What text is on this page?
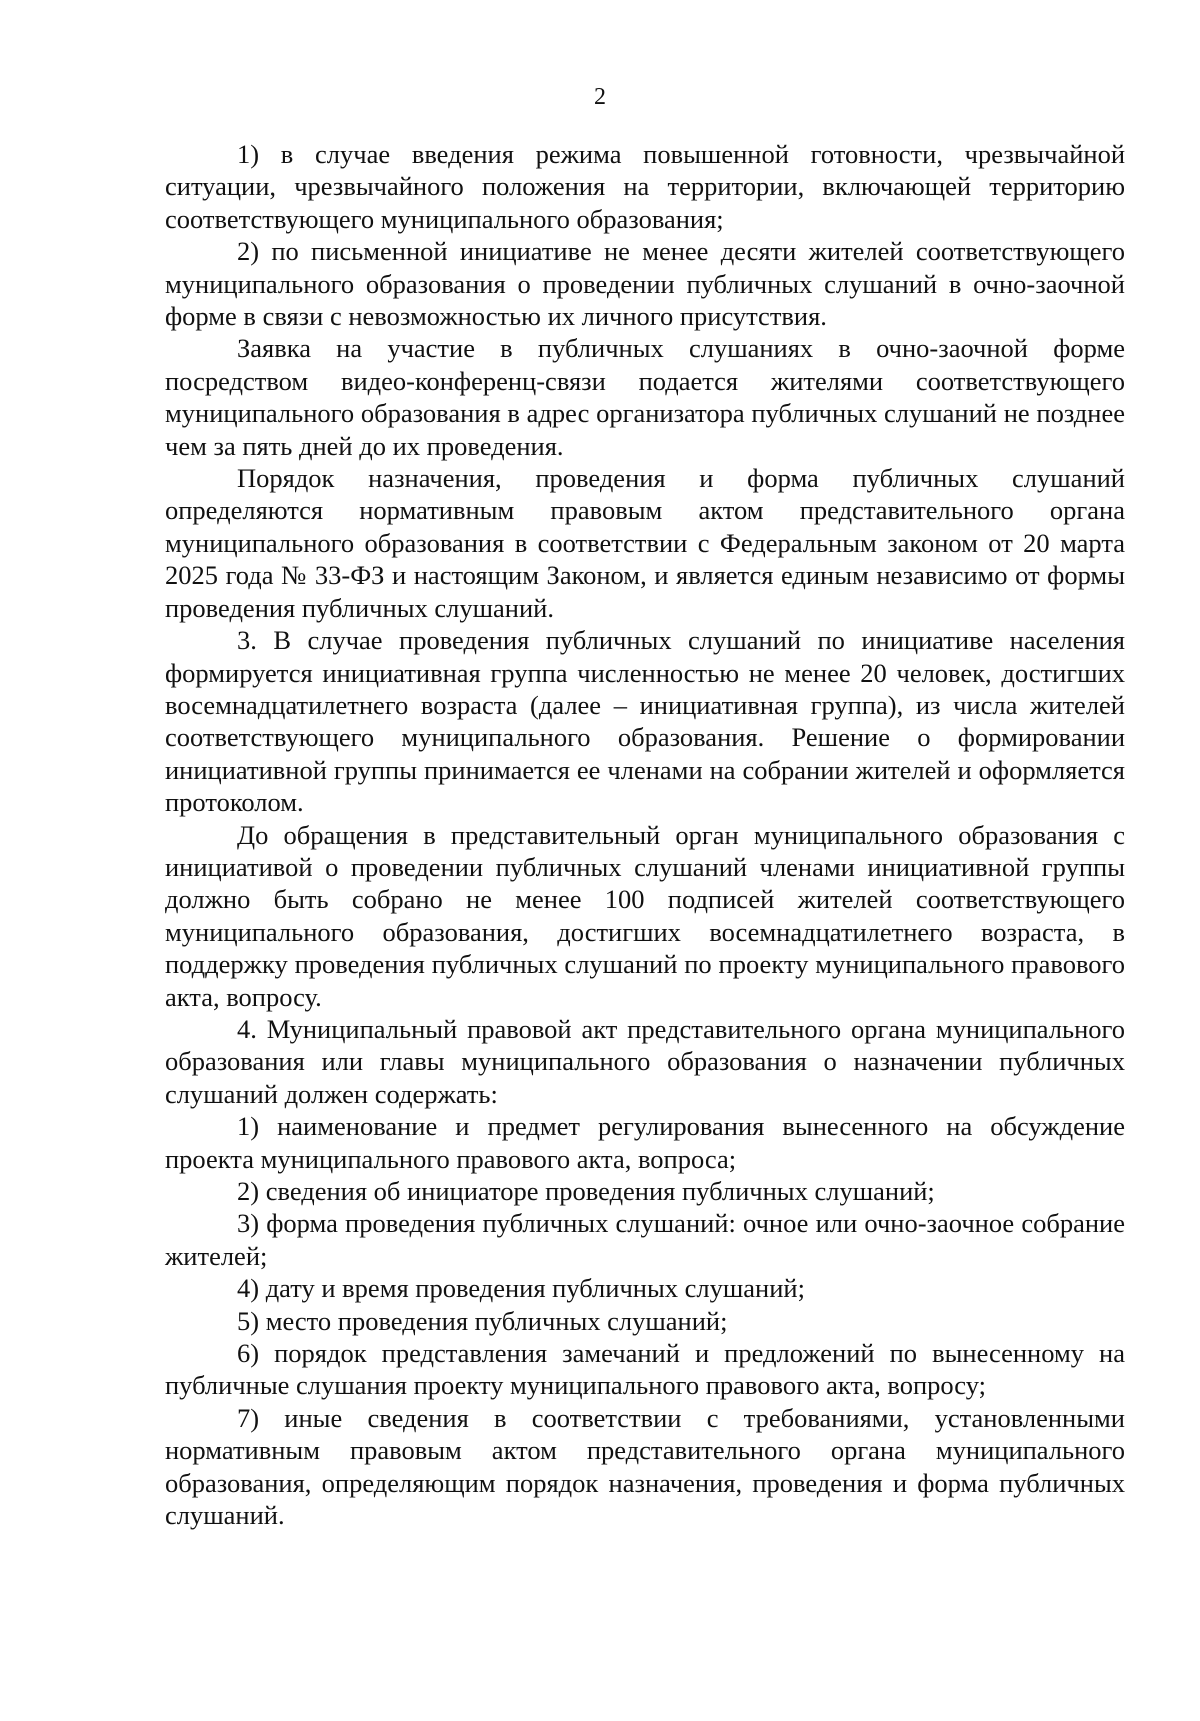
2

1) в случае введения режима повышенной готовности, чрезвычайной ситуации, чрезвычайного положения на территории, включающей территорию соответствующего муниципального образования;

2) по письменной инициативе не менее десяти жителей соответствующего муниципального образования о проведении публичных слушаний в очно-заочной форме в связи с невозможностью их личного присутствия.

Заявка на участие в публичных слушаниях в очно-заочной форме посредством видео-конференц-связи подается жителями соответствующего муниципального образования в адрес организатора публичных слушаний не позднее чем за пять дней до их проведения.

Порядок назначения, проведения и форма публичных слушаний определяются нормативным правовым актом представительного органа муниципального образования в соответствии с Федеральным законом от 20 марта 2025 года № 33-ФЗ и настоящим Законом, и является единым независимо от формы проведения публичных слушаний.

3. В случае проведения публичных слушаний по инициативе населения формируется инициативная группа численностью не менее 20 человек, достигших восемнадцатилетнего возраста (далее – инициативная группа), из числа жителей соответствующего муниципального образования. Решение о формировании инициативной группы принимается ее членами на собрании жителей и оформляется протоколом.

До обращения в представительный орган муниципального образования с инициативой о проведении публичных слушаний членами инициативной группы должно быть собрано не менее 100 подписей жителей соответствующего муниципального образования, достигших восемнадцатилетнего возраста, в поддержку проведения публичных слушаний по проекту муниципального правового акта, вопросу.

4. Муниципальный правовой акт представительного органа муниципального образования или главы муниципального образования о назначении публичных слушаний должен содержать:

1) наименование и предмет регулирования вынесенного на обсуждение проекта муниципального правового акта, вопроса;

2) сведения об инициаторе проведения публичных слушаний;

3) форма проведения публичных слушаний: очное или очно-заочное собрание жителей;

4) дату и время проведения публичных слушаний;

5) место проведения публичных слушаний;

6) порядок представления замечаний и предложений по вынесенному на публичные слушания проекту муниципального правового акта, вопросу;

7) иные сведения в соответствии с требованиями, установленными нормативным правовым актом представительного органа муниципального образования, определяющим порядок назначения, проведения и форма публичных слушаний.
